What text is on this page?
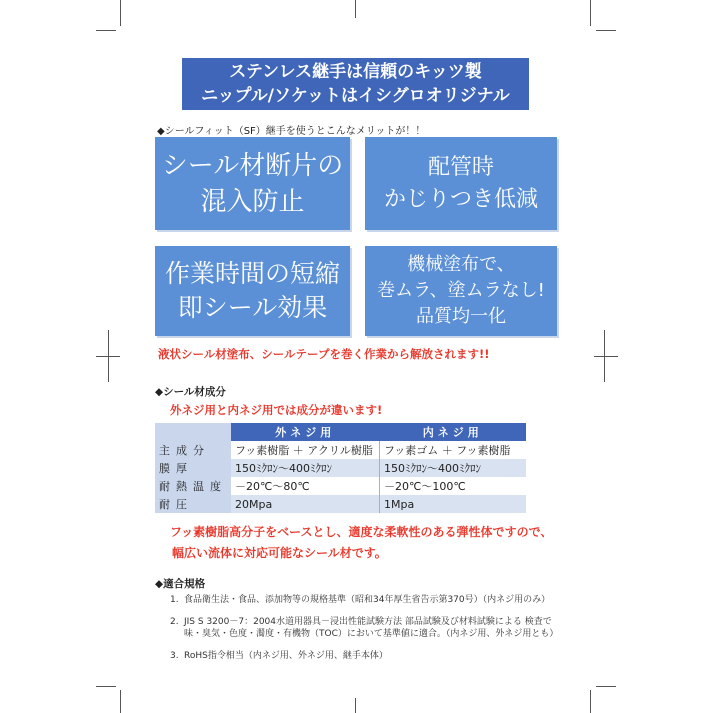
ステンレス継手は信頼のキッツ製
ニップル/ソケットはイシグロオリジナル
◆シールフィット（SF）継手を使うとこんなメリットが！！
シール材断片の
混入防止
配管時
かじりつき低減
作業時間の短縮
即シール効果
機械塗布で、
巻ムラ、塗ムラなし!
品質均一化
液状シール材塗布、シールテープを巻く作業から解放されます!!
◆シール材成分
外ネジ用と内ネジ用では成分が違います!
	外ネジ用	内ネジ用
主成分	フッ素樹脂 ＋ アクリル樹脂	フッ素ゴム ＋ フッ素樹脂
膜厚	150ﾐｸﾛﾝ～400ﾐｸﾛﾝ	150ﾐｸﾛﾝ～400ﾐｸﾛﾝ
耐熱温度	－20℃～80℃	－20℃～100℃
耐圧	20Mpa	1Mpa
フッ素樹脂高分子をベースとし、適度な柔軟性のある弾性体ですので、
幅広い流体に対応可能なシール材です。
◆適合規格
1. 食品衛生法・食品、添加物等の規格基準（昭和34年厚生省告示第370号）（内ネジ用のみ）
2. JIS S 3200－7：2004水道用器具－浸出性能試験方法 部品試験及び材料試験による 検査で味・臭気・色度・濁度・有機物（TOC）において基準値に適合。（内ネジ用、外ネジ用とも）
3. RoHS指令相当（内ネジ用、外ネジ用、継手本体）
